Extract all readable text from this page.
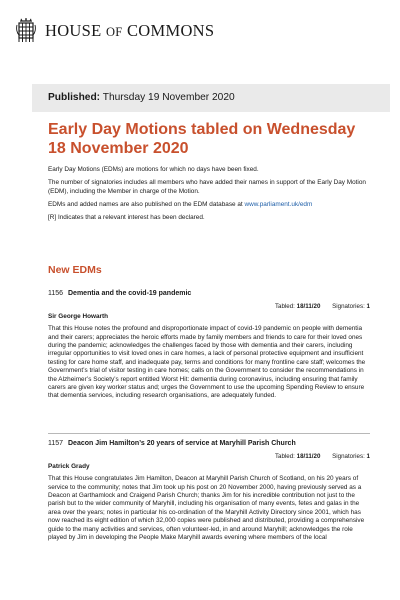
HOUSE OF COMMONS
Published: Thursday 19 November 2020
Early Day Motions tabled on Wednesday 18 November 2020

Early Day Motions (EDMs) are motions for which no days have been fixed.

The number of signatories includes all members who have added their names in support of the Early Day Motion (EDM), including the Member in charge of the Motion.

EDMs and added names are also published on the EDM database at www.parliament.uk/edm

[R] Indicates that a relevant interest has been declared.

New EDMs
1156 Dementia and the covid-19 pandemic
Tabled: 18/11/20 Signatories: 1
Sir George Howarth
That this House notes the profound and disproportionate impact of covid-19 pandemic on people with dementia and their carers; appreciates the heroic efforts made by family members and friends to care for their loved ones during the pandemic; acknowledges the challenges faced by those with dementia and their carers, including irregular opportunities to visit loved ones in care homes, a lack of personal protective equipment and insufficient testing for care home staff, and inadequate pay, terms and conditions for many frontline care staff; welcomes the Government’s trial of visitor testing in care homes; calls on the Government to consider the recommendations in the Alzheimer’s Society’s report entitled Worst Hit: dementia during coronavirus, including ensuring that family carers are given key worker status and; urges the Government to use the upcoming Spending Review to ensure that dementia services, including research organisations, are adequately funded.
1157 Deacon Jim Hamilton’s 20 years of service at Maryhill Parish Church
Tabled: 18/11/20 Signatories: 1
Patrick Grady
That this House congratulates Jim Hamilton, Deacon at Maryhill Parish Church of Scotland, on his 20 years of service to the community; notes that Jim took up his post on 20 November 2000, having previously served as a Deacon at Garthamlock and Craigend Parish Church; thanks Jim for his incredible contribution not just to the parish but to the wider community of Maryhill, including his organisation of many events, fetes and galas in the area over the years; notes in particular his co-ordination of the Maryhill Activity Directory since 2001, which has now reached its eight edition of which 32,000 copies were published and distributed, providing a comprehensive guide to the many activities and services, often volunteer-led, in and around Maryhill; acknowledges the role played by Jim in developing the People Make Maryhill awards evening where members of the local
